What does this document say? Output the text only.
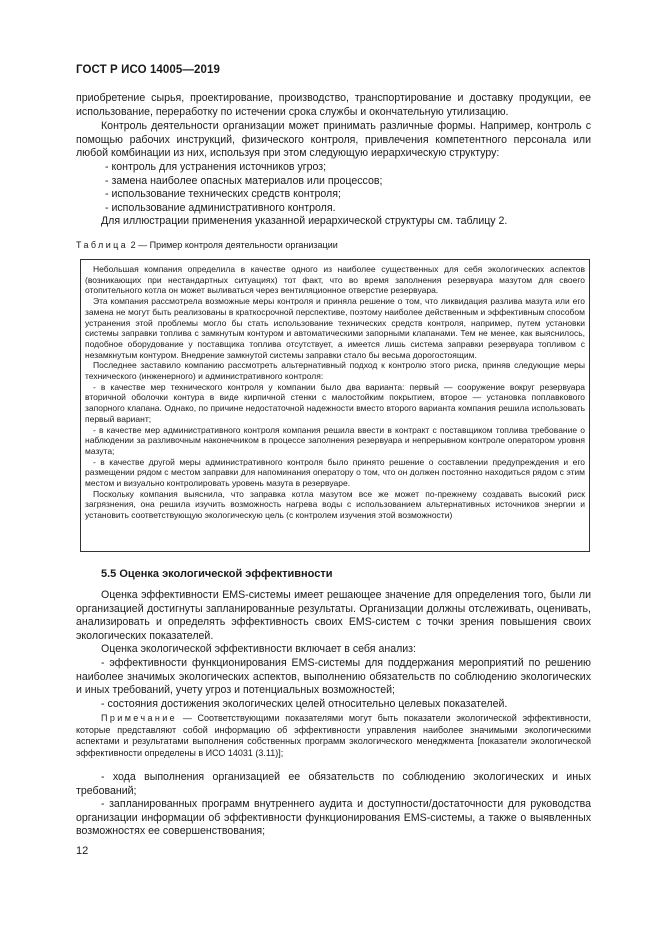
ГОСТ Р ИСО 14005—2019

приобретение сырья, проектирование, производство, транспортирование и доставку продукции, ее использование, переработку по истечении срока службы и окончательную утилизацию.

Контроль деятельности организации может принимать различные формы. Например, контроль с помощью рабочих инструкций, физического контроля, привлечения компетентного персонала или любой комбинации из них, используя при этом следующую иерархическую структуру:

- контроль для устранения источников угроз;

- замена наиболее опасных материалов или процессов;

- использование технических средств контроля;

- использование административного контроля.

Для иллюстрации применения указанной иерархической структуры см. таблицу 2.

Таблица 2 — Пример контроля деятельности организации

Небольшая компания определила в качестве одного из наиболее существенных для себя экологических аспектов (возникающих при нестандартных ситуациях) тот факт, что во время заполнения резервуара мазутом для своего отопительного котла он может выливаться через вентиляционное отверстие резервуара.

Эта компания рассмотрела возможные меры контроля и приняла решение о том, что ликвидация разлива мазута или его замена не могут быть реализованы в краткосрочной перспективе, поэтому наиболее действенным и эффективным способом устранения этой проблемы могло бы стать использование технических средств контроля, например, путем установки системы заправки топлива с замкнутым контуром и автоматическими запорными клапанами. Тем не менее, как выяснилось, подобное оборудование у поставщика топлива отсутствует, а имеется лишь система заправки резервуара топливом с незамкнутым контуром. Внедрение замкнутой системы заправки стало бы весьма дорогостоящим.

Последнее заставило компанию рассмотреть альтернативный подход к контролю этого риска, приняв следующие меры технического (инженерного) и административного контроля:

- в качестве мер технического контроля у компании было два варианта: первый — сооружение вокруг резервуара вторичной оболочки контура в виде кирпичной стенки с малостойким покрытием, второе — установка поплавкового запорного клапана. Однако, по причине недостаточной надежности вместо второго варианта компания решила использовать первый вариант;

- в качестве мер административного контроля компания решила ввести в контракт с поставщиком топлива требование о наблюдении за разливочным наконечником в процессе заполнения резервуара и непрерывном контроле оператором уровня мазута;

- в качестве другой меры административного контроля было принято решение о составлении предупреждения и его размещении рядом с местом заправки для напоминания оператору о том, что он должен постоянно находиться рядом с этим местом и визуально контролировать уровень мазута в резервуаре.

Поскольку компания выяснила, что заправка котла мазутом все же может по-прежнему создавать высокий риск загрязнения, она решила изучить возможность нагрева воды с использованием альтернативных источников энергии и установить соответствующую экологическую цель (с контролем изучения этой возможности)

5.5 Оценка экологической эффективности

Оценка эффективности EMS-системы имеет решающее значение для определения того, были ли организацией достигнуты запланированные результаты. Организации должны отслеживать, оценивать, анализировать и определять эффективность своих EMS-систем с точки зрения повышения своих экологических показателей.

Оценка экологической эффективности включает в себя анализ:

- эффективности функционирования EMS-системы для поддержания мероприятий по решению наиболее значимых экологических аспектов, выполнению обязательств по соблюдению экологических и иных требований, учету угроз и потенциальных возможностей;

- состояния достижения экологических целей относительно целевых показателей.

Примечание — Соответствующими показателями могут быть показатели экологической эффективности, которые представляют собой информацию об эффективности управления наиболее значимыми экологическими аспектами и результатами выполнения собственных программ экологического менеджмента [показатели экологической эффективности определены в ИСО 14031 (3.11)];

- хода выполнения организацией ее обязательств по соблюдению экологических и иных требований;

- запланированных программ внутреннего аудита и доступности/достаточности для руководства организации информации об эффективности функционирования EMS-системы, а также о выявленных возможностях ее совершенствования;

12
